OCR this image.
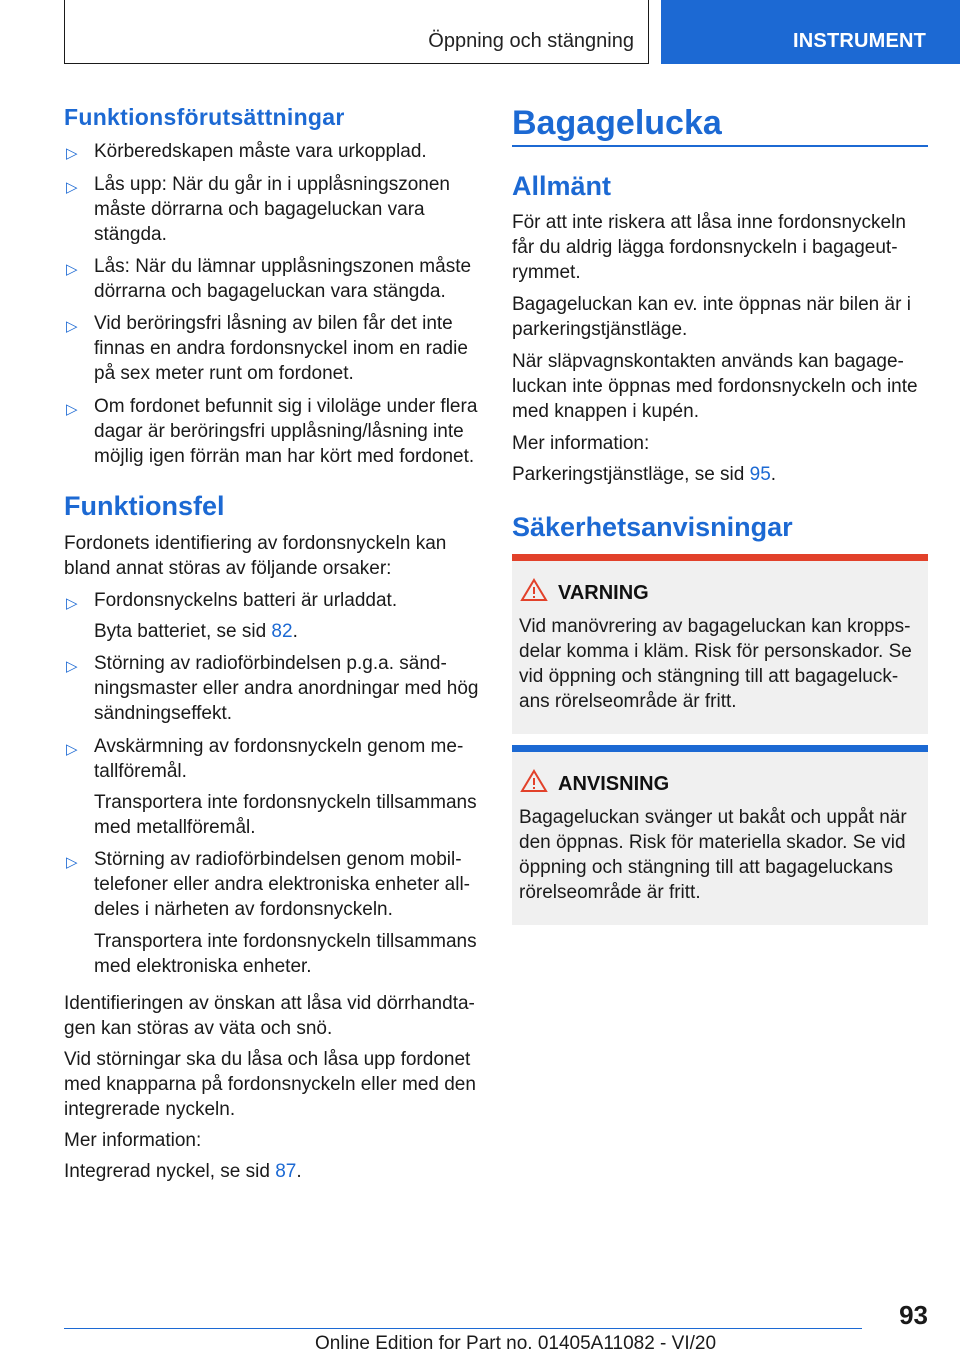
Öppning och stängning	INSTRUMENT
Funktionsförutsättningar
▷ Körberedskapen måste vara urkopplad.
▷ Lås upp: När du går in i upplåsningszonen
måste dörrarna och bagageluckan vara
stängda.
▷ Lås: När du lämnar upplåsningszonen måste
dörrarna och bagageluckan vara stängda.
▷ Vid beröringsfri låsning av bilen får det inte
finnas en andra fordonsnyckel inom en radie
på sex meter runt om fordonet.
▷ Om fordonet befunnit sig i viloläge under flera
dagar är beröringsfri upplåsning/låsning inte
möjlig igen förrän man har kört med fordonet.
Funktionsfel
Fordonets identifiering av fordonsnyckeln kan
bland annat störas av följande orsaker:
▷ Fordonsnyckelns batteri är urladdat.
Byta batteriet, se sid 82.
▷ Störning av radioförbindelsen p.g.a. sänd-
ningsmaster eller andra anordningar med hög
sändningseffekt.
▷ Avskärmning av fordonsnyckeln genom me-
tallföremål.
Transportera inte fordonsnyckeln tillsammans
med metallföremål.
▷ Störning av radioförbindelsen genom mobil-
telefoner eller andra elektroniska enheter all-
deles i närheten av fordonsnyckeln.
Transportera inte fordonsnyckeln tillsammans
med elektroniska enheter.
Identifieringen av önskan att låsa vid dörrhandta-
gen kan störas av väta och snö.
Vid störningar ska du låsa och låsa upp fordonet
med knapparna på fordonsnyckeln eller med den
integrerade nyckeln.
Mer information:
Integrerad nyckel, se sid 87.
Bagagelucka
Allmänt
För att inte riskera att låsa inne fordonsnyckeln
får du aldrig lägga fordonsnyckeln i bagageut-
rymmet.
Bagageluckan kan ev. inte öppnas när bilen är i
parkeringstjänstläge.
När släpvagnskontakten används kan bagage-
luckan inte öppnas med fordonsnyckeln och inte
med knappen i kupén.
Mer information:
Parkeringstjänstläge, se sid 95.
Säkerhetsanvisningar
VARNING
Vid manövrering av bagageluckan kan kropps-
delar komma i kläm. Risk för personskador. Se
vid öppning och stängning till att bagageluck-
ans rörelseområde är fritt.
ANVISNING
Bagageluckan svänger ut bakåt och uppåt när
den öppnas. Risk för materiella skador. Se vid
öppning och stängning till att bagageluckans
rörelseområde är fritt.
93
Online Edition for Part no. 01405A11082 - VI/20
